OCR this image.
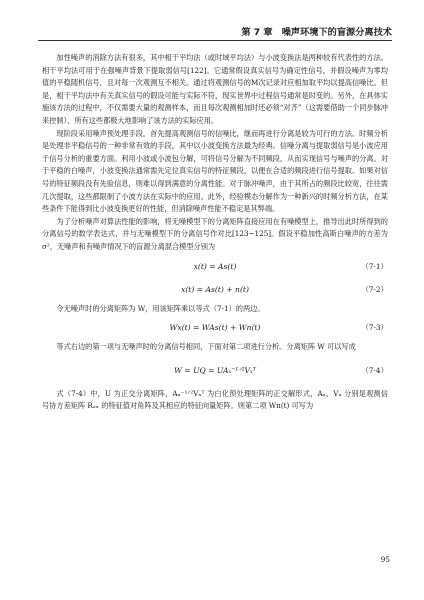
第 7 章 噪声环境下的盲源分离技术

加性噪声的消除方法有很多，其中相干平均法（或时域平均法）与小波变换法是两种较有代表性的方法。相干平均法可用于在强噪声背景下提取弱信号[122]。它通常假设真实信号为确定性信号，并假设噪声为零均值的平稳随机信号，且对每一次观测互不相关。通过将观测信号的M次记录对应相加取平均以提高信噪比。但是，相干平均法中有关真实信号的假设可能与实际不符，现实世界中过程信号通常是时变的。另外，在具体实施该方法的过程中，不仅需要大量的观测样本，而且每次观测相加时还必须“对齐”（这需要借助一个同步脉冲来控制），所有这些都极大地影响了该方法的实际应用。

现阶段采用噪声预处理手段，首先提高观测信号的信噪比，继而再进行分离是较为可行的方法。时频分析是处理非平稳信号的一种非常有效的手段，其中以小波变换方法最为经典。信噪分离与提取弱信号是小波应用于信号分析的重要方面。利用小波或小波包分解，可将信号分解为不同频段，从而实现信号与噪声的分离。对于平稳的白噪声，小波变换法通常需先定位真实信号的特征频段，以便在合适的频段进行信号提取。如果对信号的特征频段没有先验信息，则难以得到满意的分离性能。对于脉冲噪声，由于其所占的频段比较宽，往往需几次提取，这些都限制了小波方法在实际中的应用。此外，经验模态分解作为一种新兴的时频分析方法，在某些条件下能得到比小波变换更好的性能，但消除噪声性能不稳定是其弊端。

为了分析噪声对算法性能的影响，将无噪模型下的分离矩阵直接应用在有噪模型上，推导出此时所得到的分离信号的数学表达式，并与无噪模型下的分离信号作对比[123~125]。假设平稳加性高斯白噪声的方差为σ²，无噪声和有噪声情况下的盲源分离混合模型分别为

x(t) = As(t)	（7-1）
x(t) = As(t) + n(t)	（7-2）

令无噪声时的分离矩阵为 W，用该矩阵乘以等式（7-1）的两边。

Wx(t) = WAs(t) + Wn(t)	（7-3）

等式右边的第一项与无噪声时的分离信号相同，下面对第二项进行分析。分离矩阵 W 可以写成

W = UQ = UAₓ⁻¹ᐟ²Vₓᵀ	（7-4）

式（7-4）中，U 为正交分离矩阵，Aₓ⁻¹ᐟ²Vₓᵀ 为白化预处理矩阵的正交解形式，Aₓ、Vₓ 分别是观测信号协方差矩阵 Rₓₓ 的特征值对角阵及其相应的特征向量矩阵。则第二项 Wn(t) 可写为

95
